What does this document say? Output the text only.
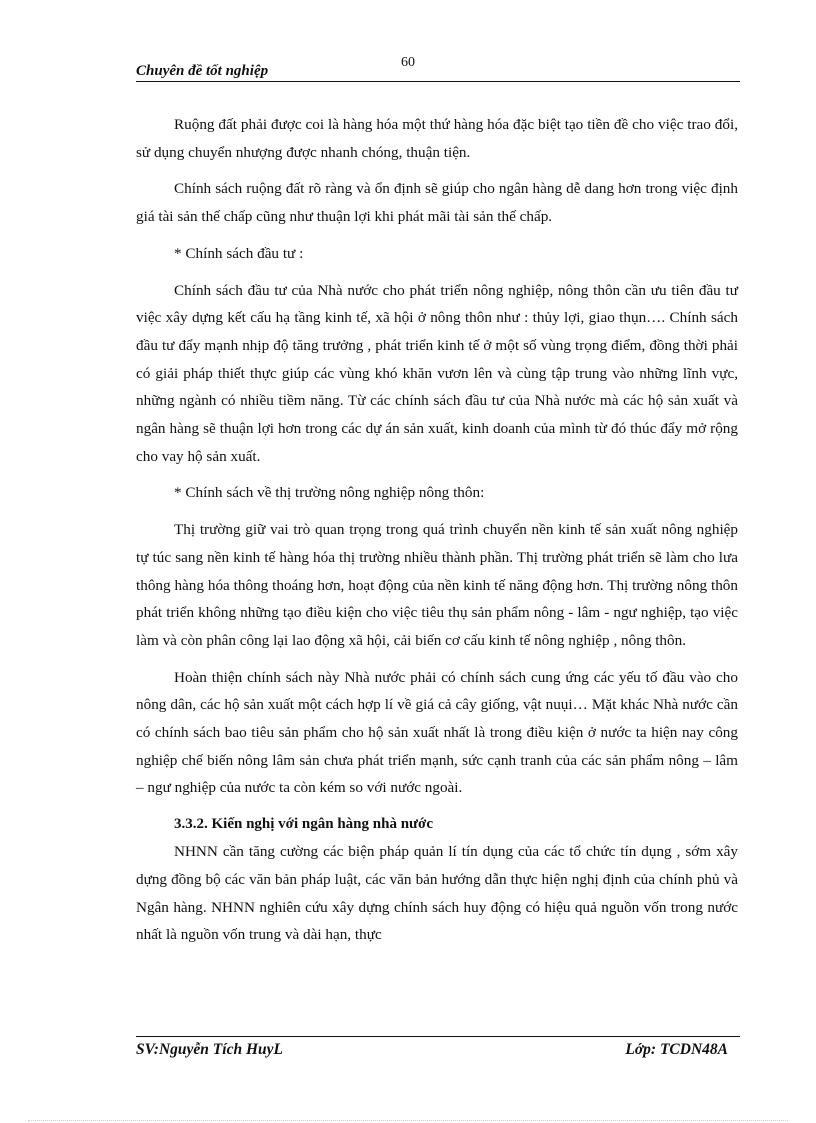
60
Chuyên đề tốt nghiệp

Ruộng đất phải được coi là hàng hóa một thứ hàng hóa đặc biệt tạo tiền đề cho việc trao đổi, sử dụng chuyển nhượng được nhanh chóng, thuận tiện.

Chính sách ruộng đất rõ ràng và ổn định sẽ giúp cho ngân hàng dễ dang hơn trong việc định giá tài sản thế chấp cũng như thuận lợi khi phát mãi tài sản thế chấp.

* Chính sách đầu tư :

Chính sách đầu tư của Nhà nước cho phát triển nông nghiệp, nông thôn cần ưu tiên đầu tư việc xây dựng kết cấu hạ tầng kinh tế, xã hội ở nông thôn như : thủy lợi, giao thụn…. Chính sách đầu tư đẩy mạnh nhịp độ tăng trưởng , phát triển kinh tế ở một số vùng trọng điểm, đồng thời phải có giải pháp thiết thực giúp các vùng khó khăn vươn lên và cùng tập trung vào những lĩnh vực, những ngành có nhiều tiềm năng. Từ các chính sách đầu tư của Nhà nước mà các hộ sản xuất và ngân hàng sẽ thuận lợi hơn trong các dự án sản xuất, kinh doanh của mình từ đó thúc đẩy mở rộng cho vay hộ sản xuất.

* Chính sách về thị trường nông nghiệp nông thôn:

Thị trường giữ vai trò quan trọng trong quá trình chuyển nền kinh tế sản xuất nông nghiệp tự túc sang nền kinh tế hàng hóa thị trường nhiều thành phần. Thị trường phát triển sẽ làm cho lưa thông hàng hóa thông thoáng hơn, hoạt động của nền kinh tế năng động hơn. Thị trường nông thôn phát triển không những tạo điều kiện cho việc tiêu thụ sản phẩm nông - lâm - ngư nghiệp, tạo việc làm và còn phân công lại lao động xã hội, cải biến cơ cấu kinh tế nông nghiệp , nông thôn.

Hoàn thiện chính sách này Nhà nước phải có chính sách cung ứng các yếu tố đầu vào cho nông dân, các hộ sản xuất một cách hợp lí về giá cả cây giống, vật nuụi… Mặt khác Nhà nước cần có chính sách bao tiêu sản phẩm cho hộ sản xuất nhất là trong điều kiện ở nước ta hiện nay công nghiệp chế biến nông lâm sản chưa phát triển mạnh, sức cạnh tranh của các sản phẩm nông – lâm – ngư nghiệp của nước ta còn kém so với nước ngoài.

3.3.2. Kiến nghị với ngân hàng nhà nước

NHNN cần tăng cường các biện pháp quản lí tín dụng của các tổ chức tín dụng , sớm xây dựng đồng bộ các văn bản pháp luật, các văn bản hướng dẫn thực hiện nghị định của chính phủ và Ngân hàng. NHNN nghiên cứu xây dựng chính sách huy động có hiệu quả nguồn vốn trong nước nhất là nguồn vốn trung và dài hạn, thực

SV:Nguyễn Tích HuyL	Lớp: TCDN48A
